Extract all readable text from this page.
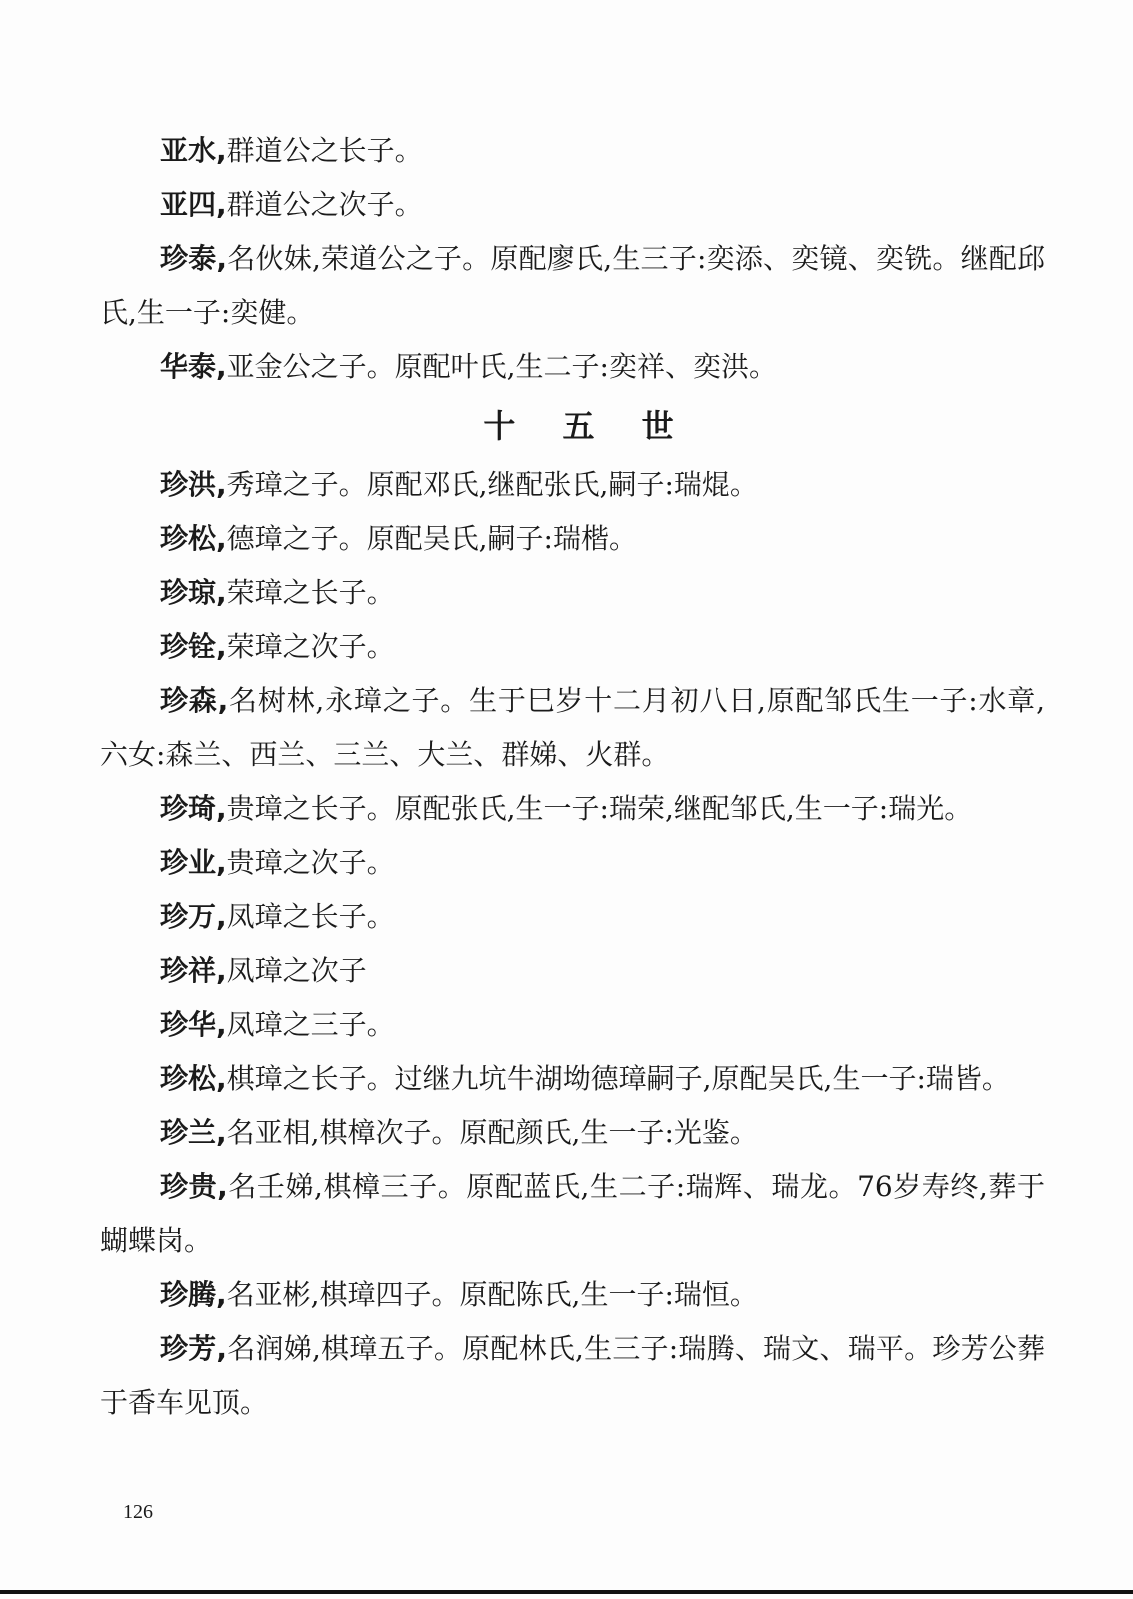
亚水,群道公之长子。

亚四,群道公之次子。

珍泰,名伙妹,荣道公之子。原配廖氏,生三子:奕添、奕镜、奕铣。继配邱氏,生一子:奕健。

华泰,亚金公之子。原配叶氏,生二子:奕祥、奕洪。

十 五 世

珍洪,秀璋之子。原配邓氏,继配张氏,嗣子:瑞焜。

珍松,德璋之子。原配吴氏,嗣子:瑞楷。

珍琼,荣璋之长子。

珍铨,荣璋之次子。

珍森,名树林,永璋之子。生于巳岁十二月初八日,原配邹氏生一子:水章,六女:森兰、西兰、三兰、大兰、群娣、火群。

珍琦,贵璋之长子。原配张氏,生一子:瑞荣,继配邹氏,生一子:瑞光。

珍业,贵璋之次子。

珍万,凤璋之长子。

珍祥,凤璋之次子

珍华,凤璋之三子。

珍松,棋璋之长子。过继九坑牛湖坳德璋嗣子,原配吴氏,生一子:瑞皆。

珍兰,名亚相,棋樟次子。原配颜氏,生一子:光鉴。

珍贵,名壬娣,棋樟三子。原配蓝氏,生二子:瑞辉、瑞龙。76岁寿终,葬于蝴蝶岗。

珍腾,名亚彬,棋璋四子。原配陈氏,生一子:瑞恒。

珍芳,名润娣,棋璋五子。原配林氏,生三子:瑞腾、瑞文、瑞平。珍芳公葬于香车见顶。

126
